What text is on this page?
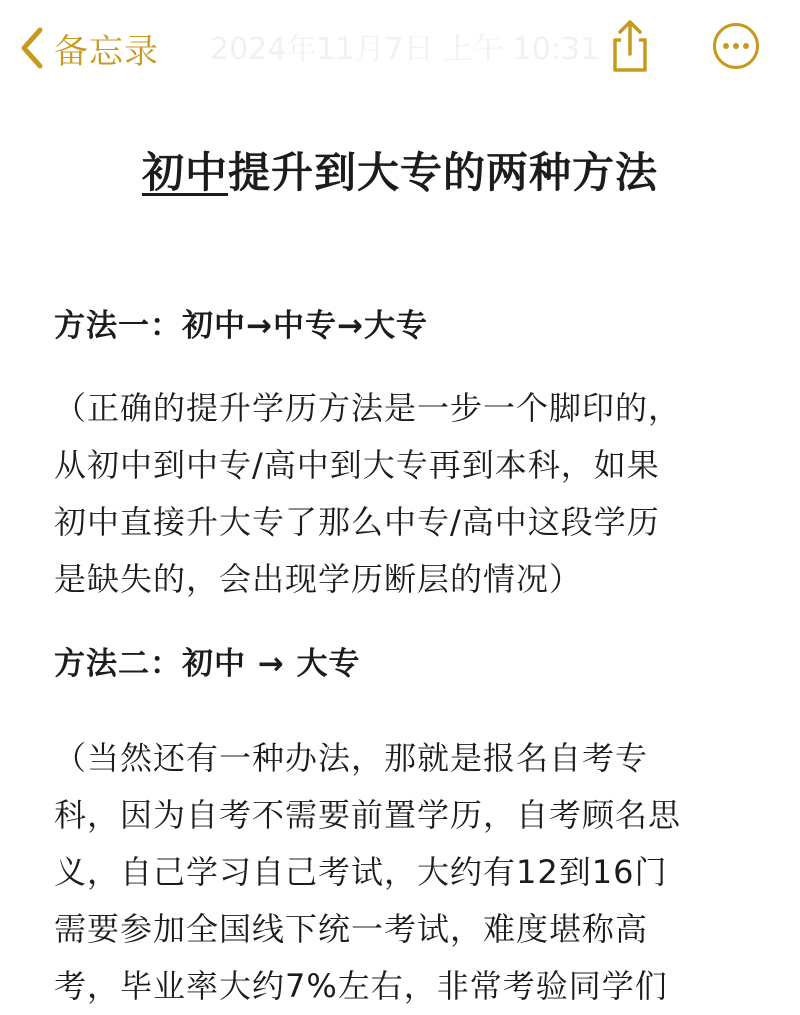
备忘录 2024年11月7日 上午 10:31
初中提升到大专的两种方法
方法一：初中→中专→大专

（正确的提升学历方法是一步一个脚印的，
从初中到中专/高中到大专再到本科，如果
初中直接升大专了那么中专/高中这段学历
是缺失的，会出现学历断层的情况）

方法二：初中 → 大专

（当然还有一种办法，那就是报名自考专
科，因为自考不需要前置学历，自考顾名思
义，自己学习自己考试，大约有12到16门
需要参加全国线下统一考试，难度堪称高
考，毕业率大约7%左右，非常考验同学们
